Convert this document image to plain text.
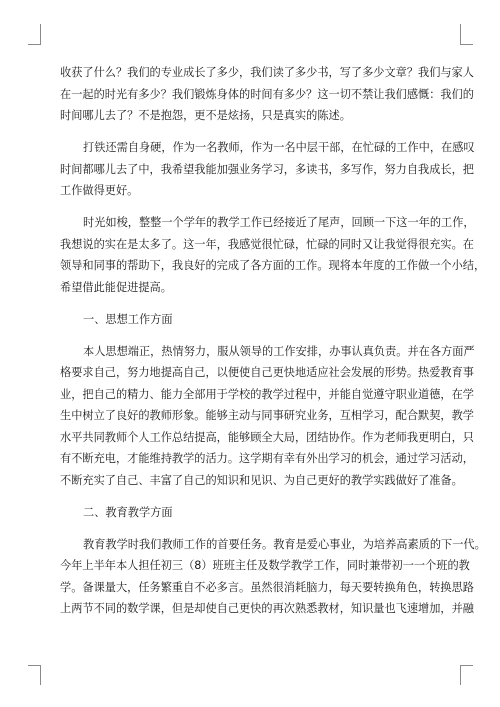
收获了什么？我们的专业成长了多少，我们读了多少书，写了多少文章？我们与家人
在一起的时光有多少？我们锻炼身体的时间有多少？这一切不禁让我们感慨：我们的
时间哪儿去了？不是抱怨，更不是炫扬，只是真实的陈述。
打铁还需自身硬，作为一名教师，作为一名中层干部，在忙碌的工作中，在感叹
时间都哪儿去了中，我希望我能加强业务学习，多读书，多写作，努力自我成长，把
工作做得更好。
时光如梭，整整一个学年的教学工作已经接近了尾声，回顾一下这一年的工作，
我想说的实在是太多了。这一年，我感觉很忙碌，忙碌的同时又让我觉得很充实。在
领导和同事的帮助下，我良好的完成了各方面的工作。现将本年度的工作做一个小结，
希望借此能促进提高。
一、思想工作方面
本人思想端正，热情努力，服从领导的工作安排，办事认真负责。并在各方面严
格要求自己，努力地提高自己，以便使自己更快地适应社会发展的形势。热爱教育事
业，把自己的精力、能力全部用于学校的教学过程中，并能自觉遵守职业道德，在学
生中树立了良好的教师形象。能够主动与同事研究业务，互相学习，配合默契，教学
水平共同教师个人工作总结提高，能够顾全大局，团结协作。作为老师我更明白，只
有不断充电，才能维持教学的活力。这学期有幸有外出学习的机会，通过学习活动，
不断充实了自己、丰富了自己的知识和见识、为自己更好的教学实践做好了准备。
二、教育教学方面
教育教学时我们教师工作的首要任务。教育是爱心事业，为培养高素质的下一代。
今年上半年本人担任初三（8）班班主任及数学教学工作，同时兼带初一一个班的教
学。备课量大，任务繁重自不必多言。虽然很消耗脑力，每天要转换角色，转换思路
上两节不同的数学课，但是却使自己更快的再次熟悉教材，知识量也飞速增加，并融
